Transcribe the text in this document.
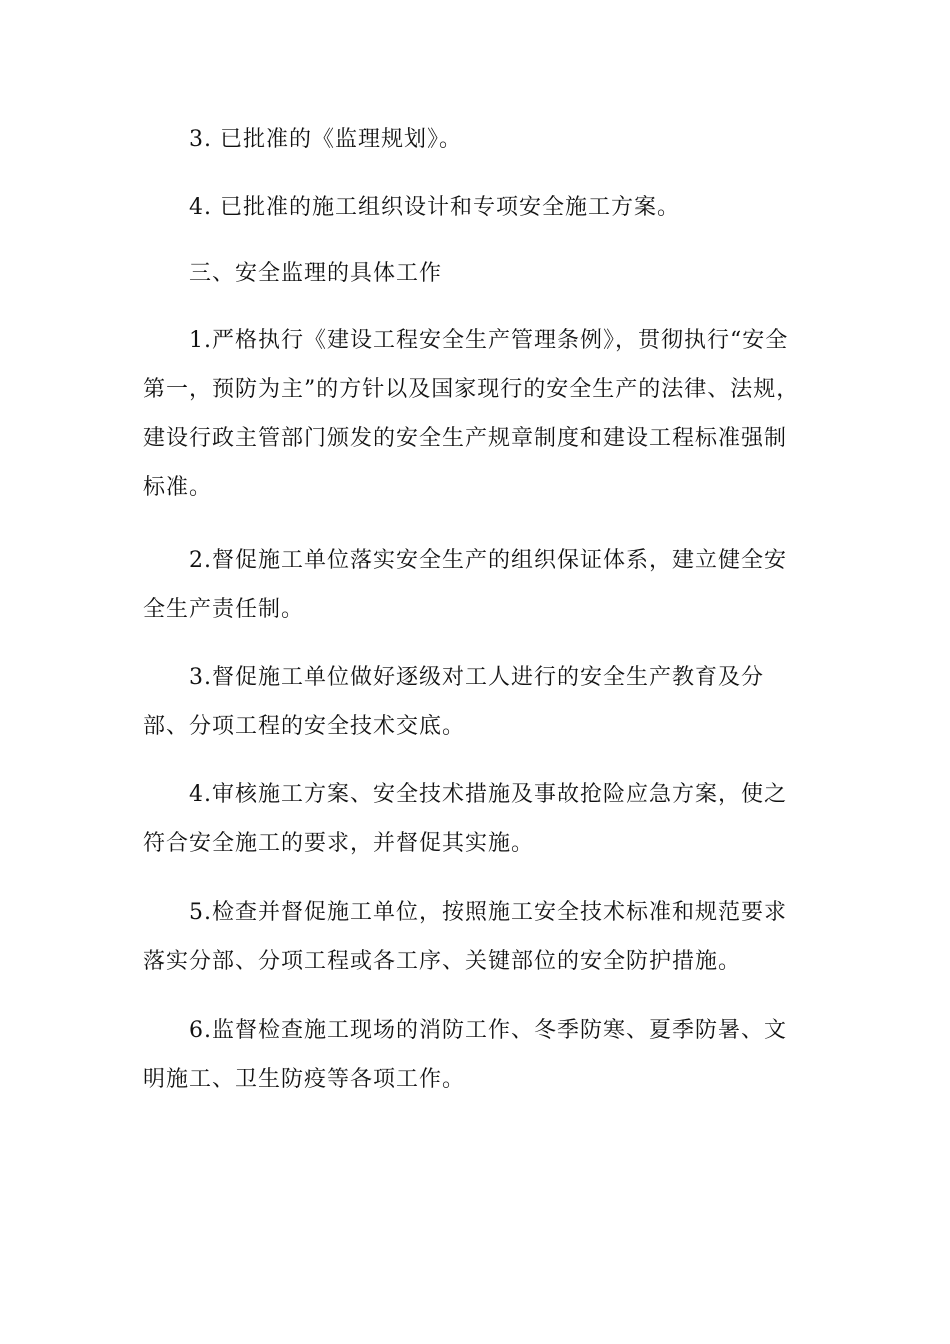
3. 已批准的《监理规划》。

4. 已批准的施工组织设计和专项安全施工方案。

三、安全监理的具体工作

1.严格执行《建设工程安全生产管理条例》，贯彻执行“安全第一，预防为主”的方针以及国家现行的安全生产的法律、法规，建设行政主管部门颁发的安全生产规章制度和建设工程标准强制标准。

2.督促施工单位落实安全生产的组织保证体系，建立健全安全生产责任制。

3.督促施工单位做好逐级对工人进行的安全生产教育及分部、分项工程的安全技术交底。

4.审核施工方案、安全技术措施及事故抢险应急方案，使之符合安全施工的要求，并督促其实施。

5.检查并督促施工单位，按照施工安全技术标准和规范要求落实分部、分项工程或各工序、关键部位的安全防护措施。

6.监督检查施工现场的消防工作、冬季防寒、夏季防暑、文明施工、卫生防疫等各项工作。
